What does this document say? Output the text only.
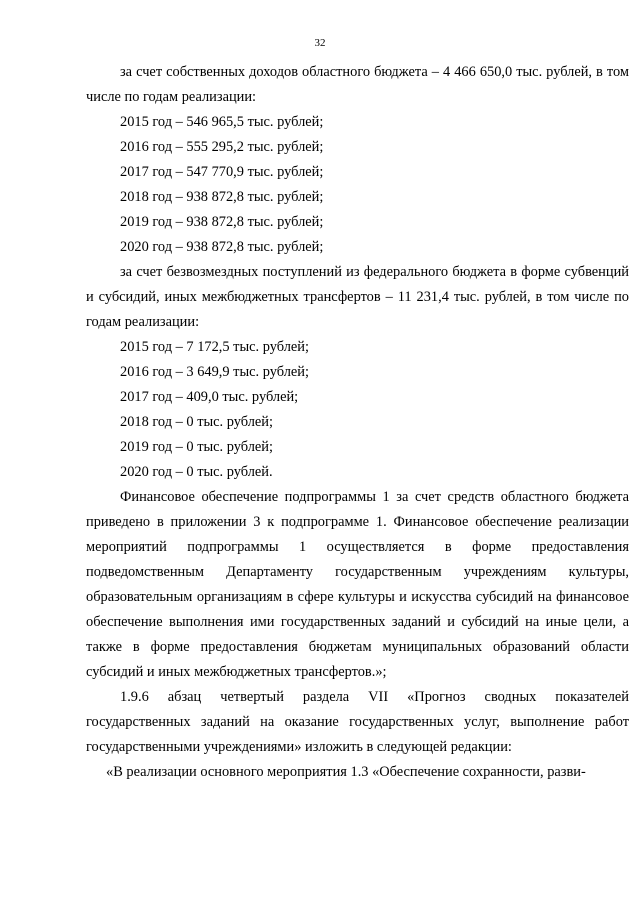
32

за счет собственных доходов областного бюджета – 4 466 650,0 тыс. рублей, в том числе по годам реализации:

2015 год – 546 965,5 тыс. рублей;

2016 год – 555 295,2 тыс. рублей;

2017 год – 547 770,9 тыс. рублей;

2018 год – 938 872,8 тыс. рублей;

2019 год – 938 872,8 тыс. рублей;

2020 год – 938 872,8 тыс. рублей;

за счет безвозмездных поступлений из федерального бюджета в форме субвенций и субсидий, иных межбюджетных трансфертов – 11 231,4 тыс. рублей, в том числе по годам реализации:

2015 год – 7 172,5 тыс. рублей;

2016 год – 3 649,9 тыс. рублей;

2017 год – 409,0 тыс. рублей;

2018 год – 0 тыс. рублей;

2019 год – 0 тыс. рублей;

2020 год – 0 тыс. рублей.

Финансовое обеспечение подпрограммы 1 за счет средств областного бюджета приведено в приложении 3 к подпрограмме 1. Финансовое обеспечение реализации мероприятий подпрограммы 1 осуществляется в форме предоставления подведомственным Департаменту государственным учреждениям культуры, образовательным организациям в сфере культуры и искусства субсидий на финансовое обеспечение выполнения ими государственных заданий и субсидий на иные цели, а также в форме предоставления бюджетам муниципальных образований области субсидий и иных межбюджетных трансфертов.»;

1.9.6 абзац четвертый раздела VII «Прогноз сводных показателей государственных заданий на оказание государственных услуг, выполнение работ государственными учреждениями» изложить в следующей редакции:

«В реализации основного мероприятия 1.3 «Обеспечение сохранности, разви-
